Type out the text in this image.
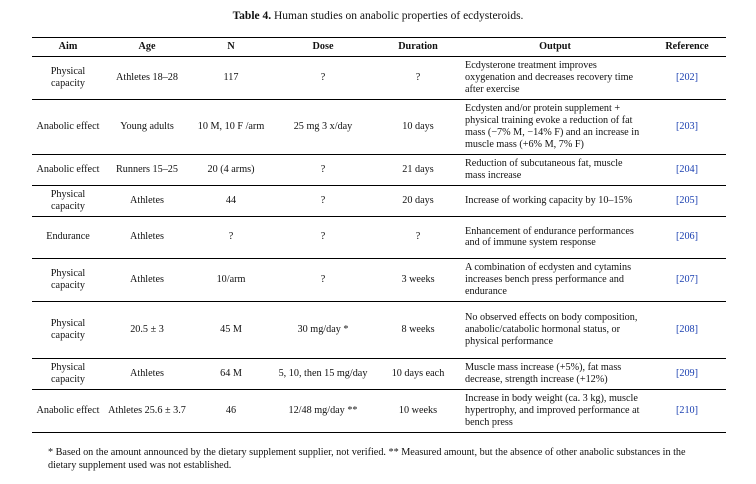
Table 4. Human studies on anabolic properties of ecdysteroids.
Aim	Age	N	Dose	Duration	Output	Reference
Physical capacity	Athletes 18–28	117	?	?	Ecdysterone treatment improves oxygenation and decreases recovery time after exercise	[202]
Anabolic effect	Young adults	10 M, 10 F /arm	25 mg 3 x/day	10 days	Ecdysten and/or protein supplement + physical training evoke a reduction of fat mass (−7% M, −14% F) and an increase in muscle mass (+6% M, 7% F)	[203]
Anabolic effect	Runners 15–25	20 (4 arms)	?	21 days	Reduction of subcutaneous fat, muscle mass increase	[204]
Physical capacity	Athletes	44	?	20 days	Increase of working capacity by 10–15%	[205]
Endurance	Athletes	?	?	?	Enhancement of endurance performances and of immune system response	[206]
Physical capacity	Athletes	10/arm	?	3 weeks	A combination of ecdysten and cytamins increases bench press performance and endurance	[207]
Physical capacity	20.5 ± 3	45 M	30 mg/day *	8 weeks	No observed effects on body composition, anabolic/catabolic hormonal status, or physical performance	[208]
Physical capacity	Athletes	64 M	5, 10, then 15 mg/day	10 days each	Muscle mass increase (+5%), fat mass decrease, strength increase (+12%)	[209]
Anabolic effect	Athletes 25.6 ± 3.7	46	12/48 mg/day **	10 weeks	Increase in body weight (ca. 3 kg), muscle hypertrophy, and improved performance at bench press	[210]
* Based on the amount announced by the dietary supplement supplier, not verified. ** Measured amount, but the absence of other anabolic substances in the dietary supplement used was not established.
